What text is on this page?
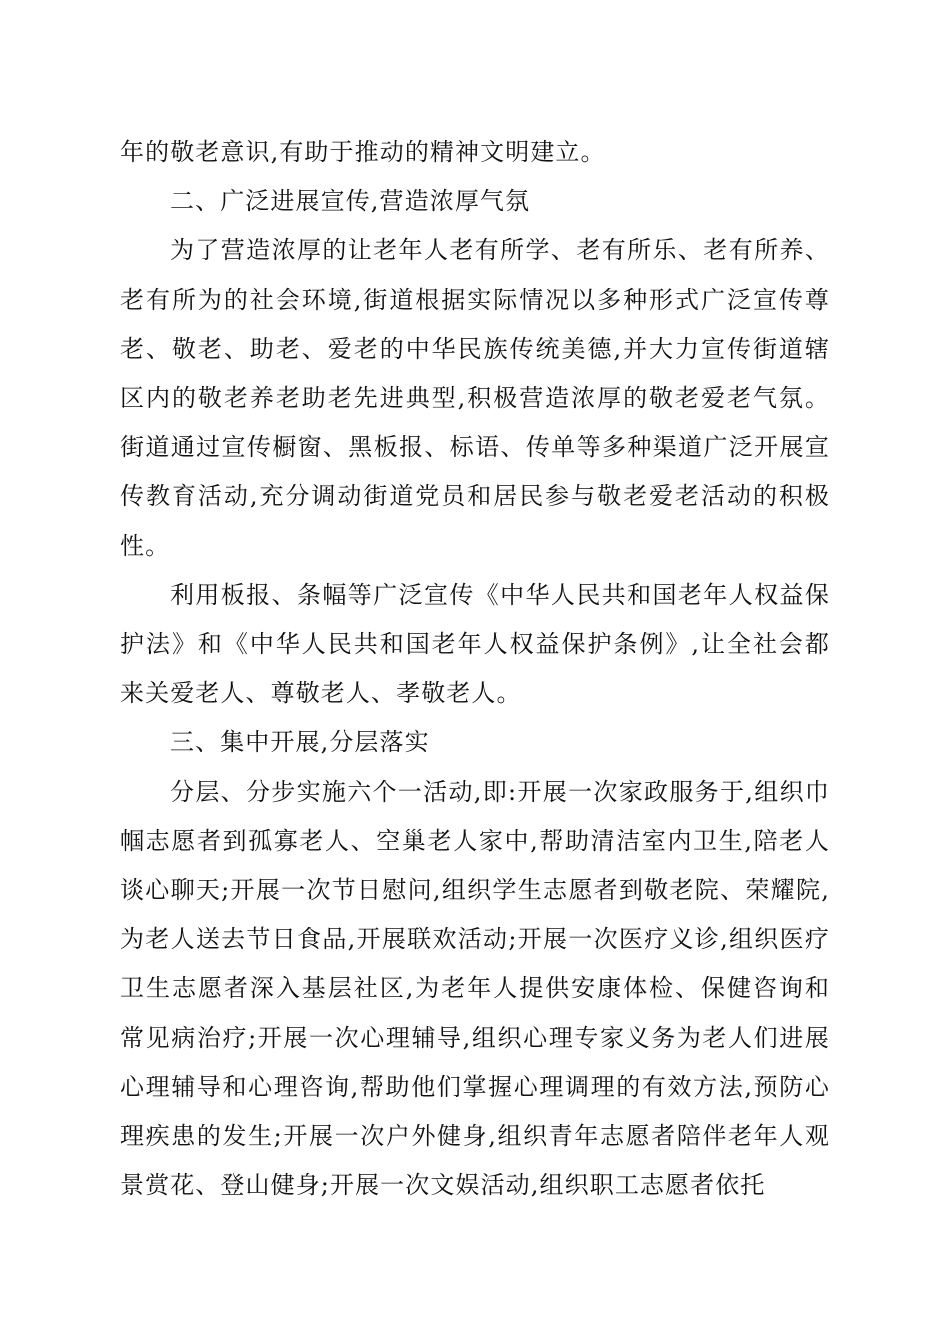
年的敬老意识,有助于推动的精神文明建立。

二、广泛进展宣传,营造浓厚气氛

为了营造浓厚的让老年人老有所学、老有所乐、老有所养、老有所为的社会环境,街道根据实际情况以多种形式广泛宣传尊老、敬老、助老、爱老的中华民族传统美德,并大力宣传街道辖区内的敬老养老助老先进典型,积极营造浓厚的敬老爱老气氛。街道通过宣传橱窗、黑板报、标语、传单等多种渠道广泛开展宣传教育活动,充分调动街道党员和居民参与敬老爱老活动的积极性。

利用板报、条幅等广泛宣传《中华人民共和国老年人权益保护法》和《中华人民共和国老年人权益保护条例》,让全社会都来关爱老人、尊敬老人、孝敬老人。

三、集中开展,分层落实

分层、分步实施六个一活动,即:开展一次家政服务于,组织巾帼志愿者到孤寡老人、空巢老人家中,帮助清洁室内卫生,陪老人谈心聊天;开展一次节日慰问,组织学生志愿者到敬老院、荣耀院,为老人送去节日食品,开展联欢活动;开展一次医疗义诊,组织医疗卫生志愿者深入基层社区,为老年人提供安康体检、保健咨询和常见病治疗;开展一次心理辅导,组织心理专家义务为老人们进展心理辅导和心理咨询,帮助他们掌握心理调理的有效方法,预防心理疾患的发生;开展一次户外健身,组织青年志愿者陪伴老年人观景赏花、登山健身;开展一次文娱活动,组织职工志愿者依托
